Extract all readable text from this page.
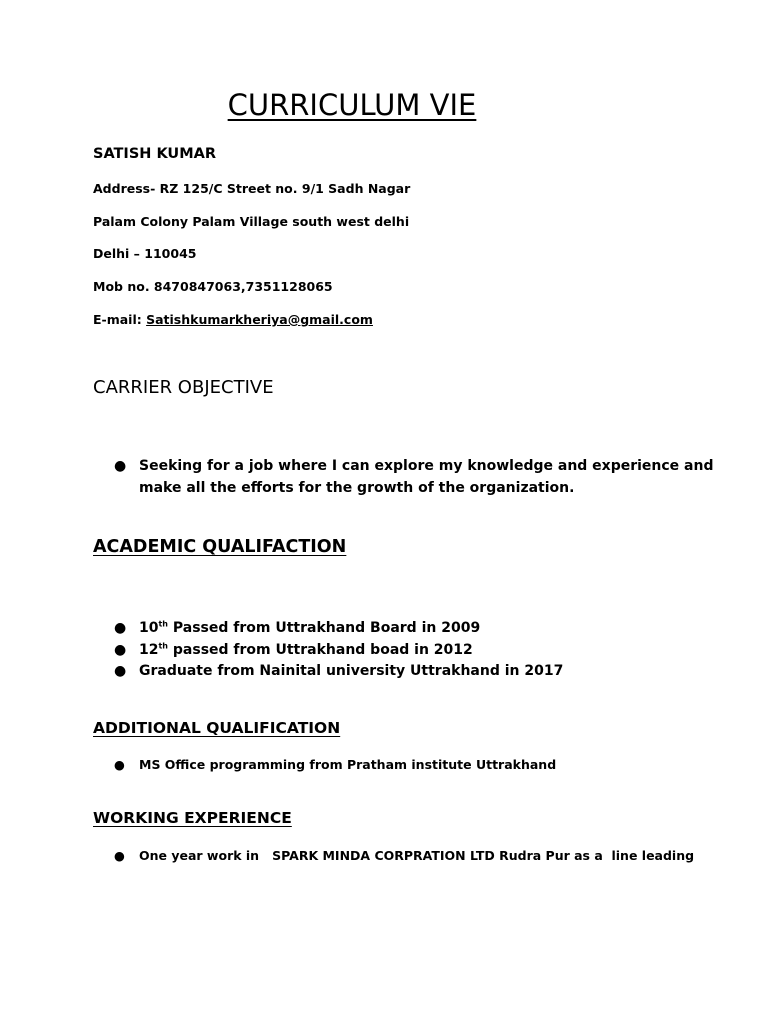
CURRICULUM VIE
SATISH KUMAR
Address- RZ 125/C Street no. 9/1 Sadh Nagar
Palam Colony Palam Village south west delhi
Delhi – 110045
Mob no. 8470847063,7351128065
E-mail: Satishkumarkheriya@gmail.com
CARRIER OBJECTIVE
● Seeking for a job where I can explore my knowledge and experience and
make all the efforts for the growth of the organization.
ACADEMIC QUALIFACTION
● 10th Passed from Uttrakhand Board in 2009
● 12th passed from Uttrakhand boad in 2012
● Graduate from Nainital university Uttrakhand in 2017
ADDITIONAL QUALIFICATION
● MS Office programming from Pratham institute Uttrakhand
WORKING EXPERIENCE
● One year work in   SPARK MINDA CORPRATION LTD Rudra Pur as a  line leading
